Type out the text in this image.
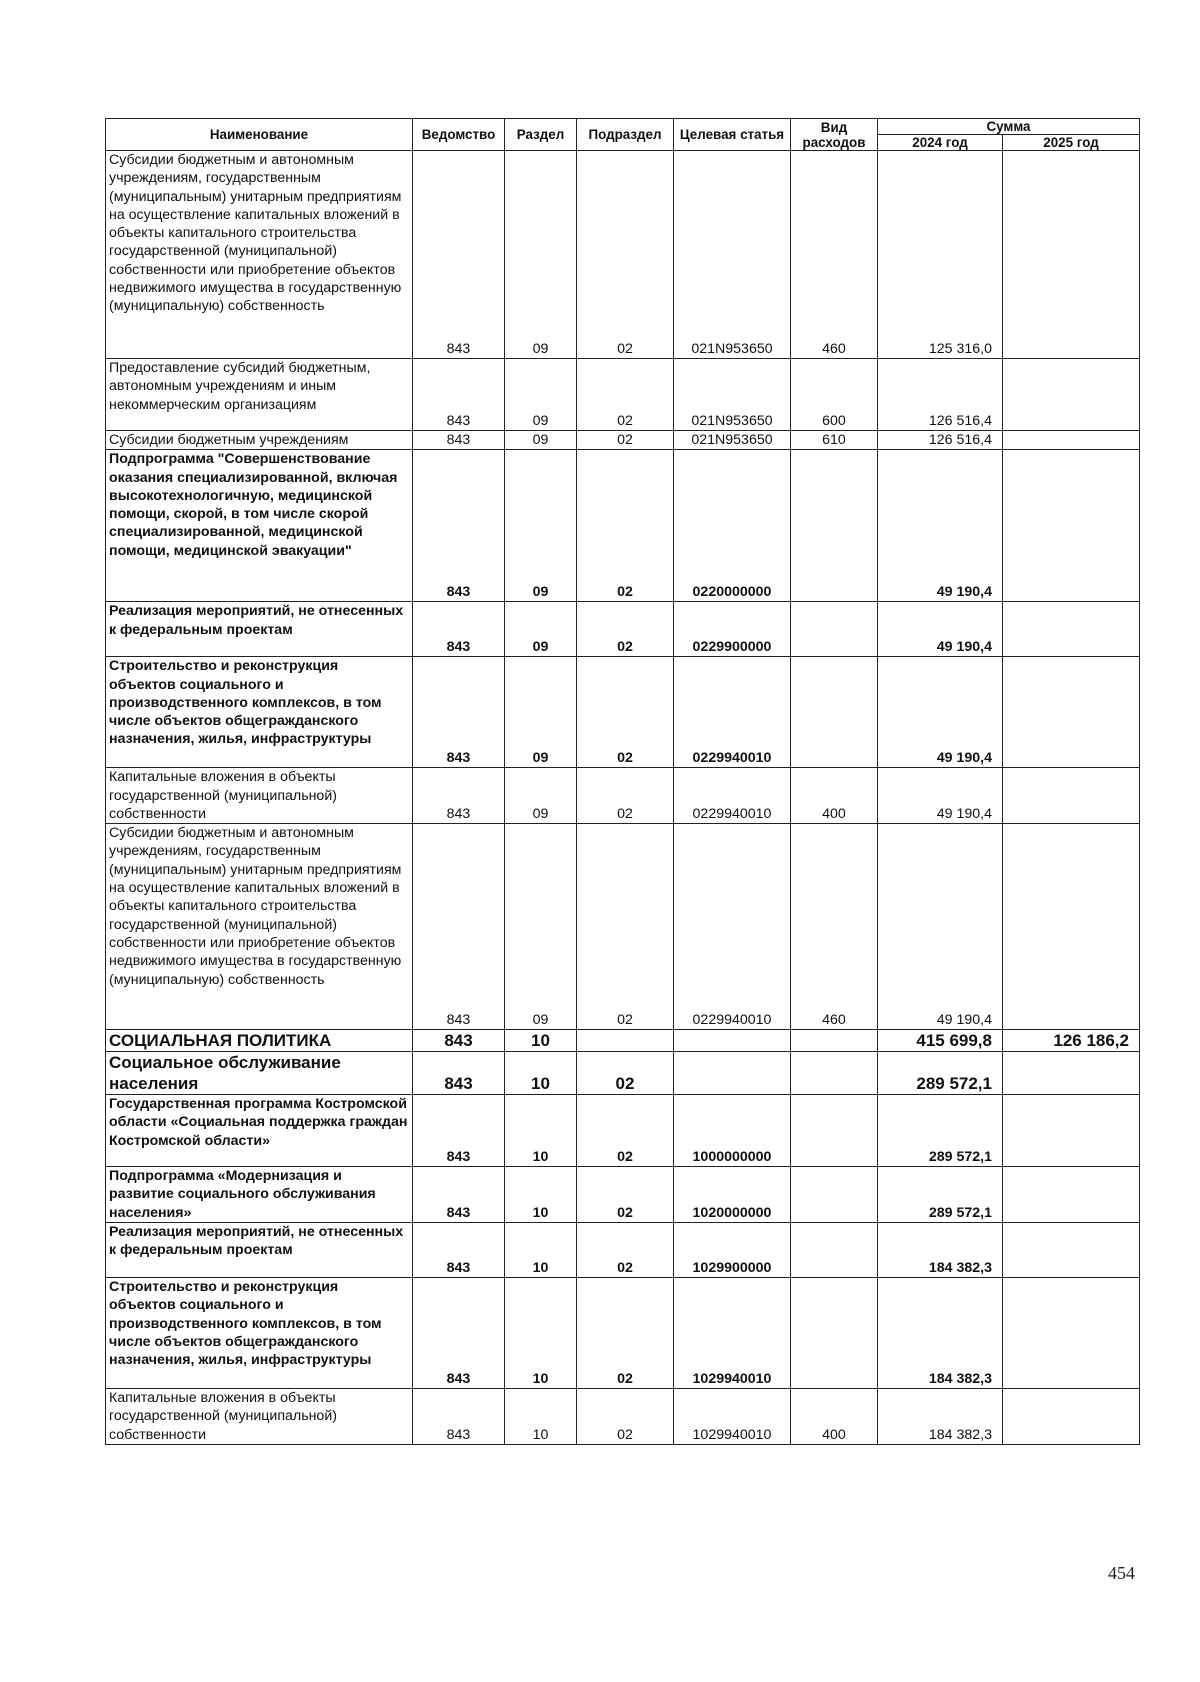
Наименование	Ведомство	Раздел	Подраздел	Целевая статья	Вид расходов	Сумма	
						2024 год	2025 год
Субсидии бюджетным и автономным учреждениям, государственным (муниципальным) унитарным предприятиям на осуществление капитальных вложений в объекты капитального строительства государственной (муниципальной) собственности или приобретение объектов недвижимого имущества в государственную (муниципальную) собственность	843	09	02	021N953650	460	125 316,0	
Предоставление субсидий бюджетным, автономным учреждениям и иным некоммерческим организациям	843	09	02	021N953650	600	126 516,4	
Субсидии бюджетным учреждениям	843	09	02	021N953650	610	126 516,4	
Подпрограмма "Совершенствование оказания специализированной, включая высокотехнологичную, медицинской помощи, скорой, в том числе скорой специализированной, медицинской помощи, медицинской эвакуации"	843	09	02	0220000000		49 190,4	
Реализация мероприятий, не отнесенных к федеральным проектам	843	09	02	0229900000		49 190,4	
Строительство и реконструкция объектов социального и производственного комплексов, в том числе объектов общегражданского назначения, жилья, инфраструктуры	843	09	02	0229940010		49 190,4	
Капитальные вложения в объекты государственной (муниципальной) собственности	843	09	02	0229940010	400	49 190,4	
Субсидии бюджетным и автономным учреждениям, государственным (муниципальным) унитарным предприятиям на осуществление капитальных вложений в объекты капитального строительства государственной (муниципальной) собственности или приобретение объектов недвижимого имущества в государственную (муниципальную) собственность	843	09	02	0229940010	460	49 190,4	
СОЦИАЛЬНАЯ ПОЛИТИКА	843	10				415 699,8	126 186,2
Социальное обслуживание населения	843	10	02			289 572,1	
Государственная программа Костромской области «Социальная поддержка граждан Костромской области»	843	10	02	1000000000		289 572,1	
Подпрограмма «Модернизация и развитие социального обслуживания населения»	843	10	02	1020000000		289 572,1	
Реализация мероприятий, не отнесенных к федеральным проектам	843	10	02	1029900000		184 382,3	
Строительство и реконструкция объектов социального и производственного комплексов, в том числе объектов общегражданского назначения, жилья, инфраструктуры	843	10	02	1029940010		184 382,3	
Капитальные вложения в объекты государственной (муниципальной) собственности	843	10	02	1029940010	400	184 382,3	
454
